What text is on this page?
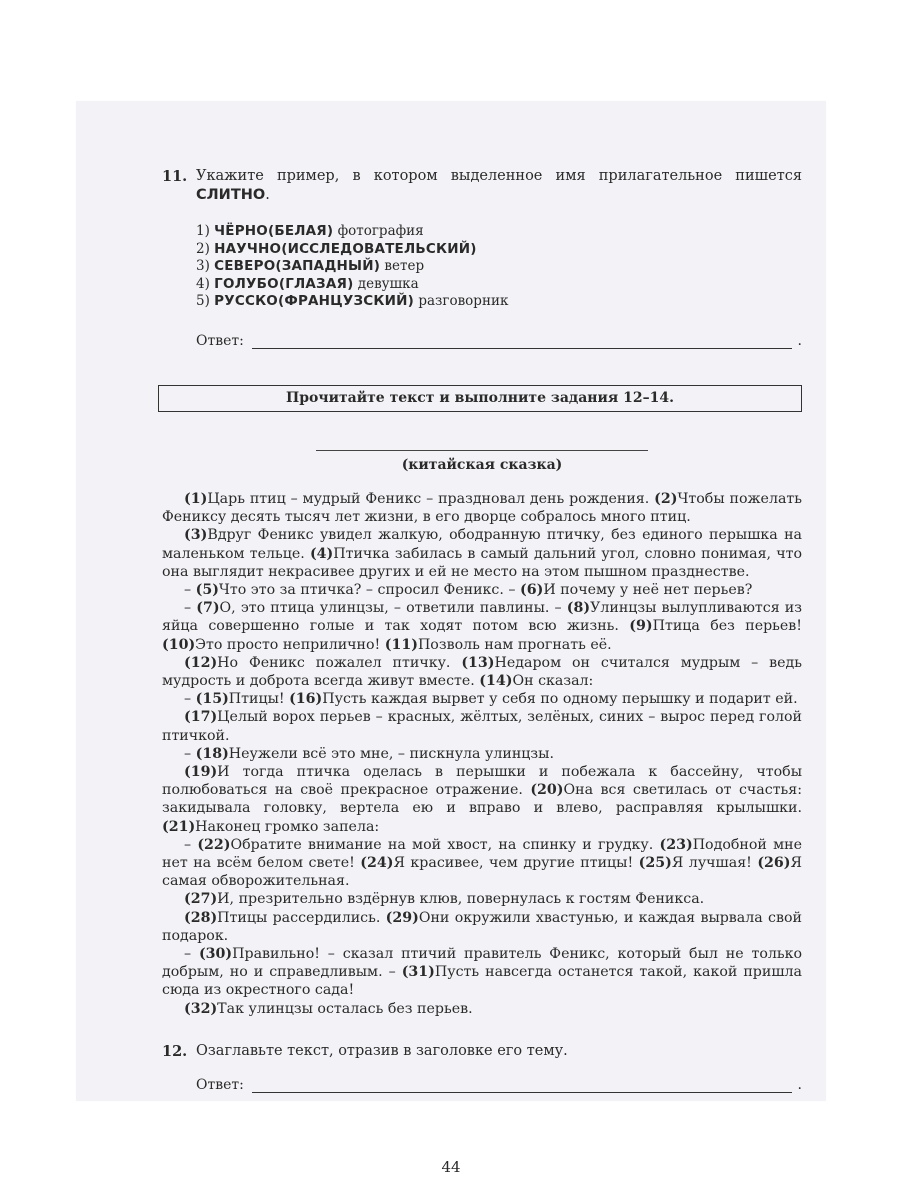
11. Укажите пример, в котором выделенное имя прилагательное пишется СЛИТНО.
1) ЧЁРНО(БЕЛАЯ) фотография
2) НАУЧНО(ИССЛЕДОВАТЕЛЬСКИЙ)
3) СЕВЕРО(ЗАПАДНЫЙ) ветер
4) ГОЛУБО(ГЛАЗАЯ) девушка
5) РУССКО(ФРАНЦУЗСКИЙ) разговорник
Ответ:	.
Прочитайте текст и выполните задания 12–14.
(китайская сказка)

(1)Царь птиц – мудрый Феникс – праздновал день рождения. (2)Чтобы пожелать Фениксу десять тысяч лет жизни, в его дворце собралось много птиц.

(3)Вдруг Феникс увидел жалкую, ободранную птичку, без единого перышка на маленьком тельце. (4)Птичка забилась в самый дальний угол, словно понимая, что она выглядит некрасивее других и ей не место на этом пышном празднестве.

– (5)Что это за птичка? – спросил Феникс. – (6)И почему у неё нет перьев?

– (7)О, это птица улинцзы, – ответили павлины. – (8)Улинцзы вылупливаются из яйца совершенно голые и так ходят потом всю жизнь. (9)Птица без перьев! (10)Это просто неприлично! (11)Позволь нам прогнать её.

(12)Но Феникс пожалел птичку. (13)Недаром он считался мудрым – ведь мудрость и доброта всегда живут вместе. (14)Он сказал:

– (15)Птицы! (16)Пусть каждая вырвет у себя по одному перышку и подарит ей.

(17)Целый ворох перьев – красных, жёлтых, зелёных, синих – вырос перед голой птичкой.

– (18)Неужели всё это мне, – пискнула улинцзы.

(19)И тогда птичка оделась в перышки и побежала к бассейну, чтобы полюбоваться на своё прекрасное отражение. (20)Она вся светилась от счастья: закидывала головку, вертела ею и вправо и влево, расправляя крылышки. (21)Наконец громко запела:

– (22)Обратите внимание на мой хвост, на спинку и грудку. (23)Подобной мне нет на всём белом свете! (24)Я красивее, чем другие птицы! (25)Я лучшая! (26)Я самая обворожительная.

(27)И, презрительно вздёрнув клюв, повернулась к гостям Феникса.

(28)Птицы рассердились. (29)Они окружили хвастунью, и каждая вырвала свой подарок.

– (30)Правильно! – сказал птичий правитель Феникс, который был не только добрым, но и справедливым. – (31)Пусть навсегда останется такой, какой пришла сюда из окрестного сада!

(32)Так улинцзы осталась без перьев.

12. Озаглавьте текст, отразив в заголовке его тему.
Ответ:	.
44
